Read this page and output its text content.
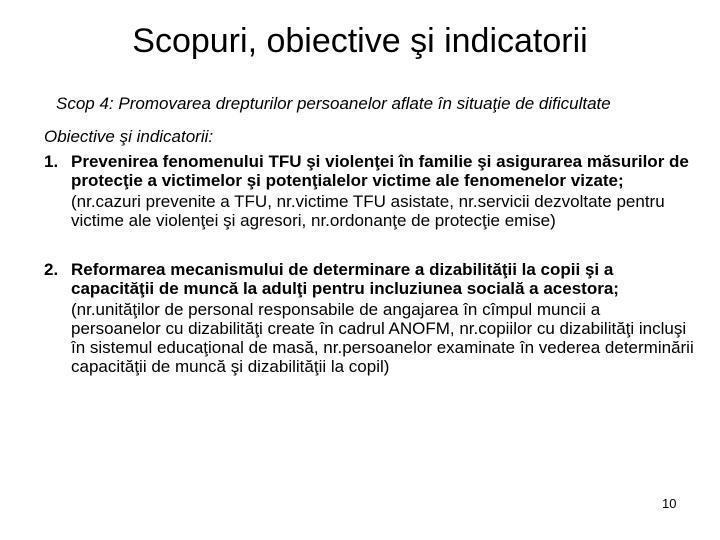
Scopuri, obiective şi indicatorii

Scop 4: Promovarea drepturilor persoanelor aflate în situaţie de dificultate

Obiective şi indicatorii:

1. Prevenirea fenomenului TFU şi violenţei în familie şi asigurarea măsurilor de protecţie a victimelor şi potenţialelor victime ale fenomenelor vizate;
(nr.cazuri prevenite a TFU, nr.victime TFU asistate, nr.servicii dezvoltate pentru victime ale violenţei şi agresori, nr.ordonanţe de protecţie emise)
2. Reformarea mecanismului de determinare a dizabilităţii la copii şi a capacităţii de muncă la adulţi pentru incluziunea socială a acestora;
(nr.unităţilor de personal responsabile de angajarea în cîmpul muncii a persoanelor cu dizabilităţi create în cadrul ANOFM, nr.copiilor cu dizabilităţi incluşi în sistemul educaţional de masă, nr.persoanelor examinate în vederea determinării capacităţii de muncă şi dizabilităţii la copil)
10
